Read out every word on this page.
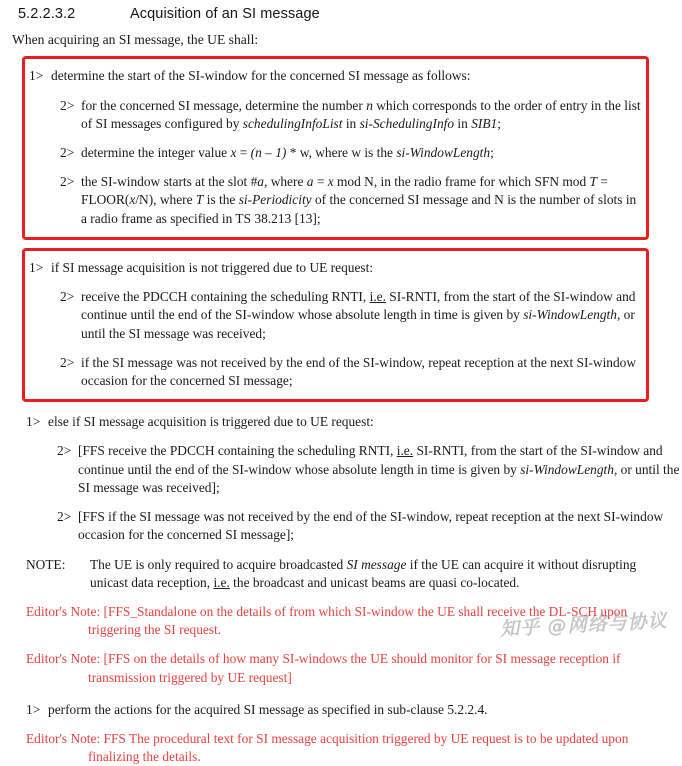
5.2.2.3.2	Acquisition of an SI message
When acquiring an SI message, the UE shall:
1> determine the start of the SI-window for the concerned SI message as follows:
2> for the concerned SI message, determine the number n which corresponds to the order of entry in the list of SI messages configured by schedulingInfoList in si-SchedulingInfo in SIB1;
2> determine the integer value x = (n – 1) * w, where w is the si-WindowLength;
2> the SI-window starts at the slot #a, where a = x mod N, in the radio frame for which SFN mod T = FLOOR(x/N), where T is the si-Periodicity of the concerned SI message and N is the number of slots in a radio frame as specified in TS 38.213 [13];
1> if SI message acquisition is not triggered due to UE request:
2> receive the PDCCH containing the scheduling RNTI, i.e. SI-RNTI, from the start of the SI-window and continue until the end of the SI-window whose absolute length in time is given by si-WindowLength, or until the SI message was received;
2> if the SI message was not received by the end of the SI-window, repeat reception at the next SI-window occasion for the concerned SI message;
1> else if SI message acquisition is triggered due to UE request:
2> [FFS receive the PDCCH containing the scheduling RNTI, i.e. SI-RNTI, from the start of the SI-window and continue until the end of the SI-window whose absolute length in time is given by si-WindowLength, or until the SI message was received];
2> [FFS if the SI message was not received by the end of the SI-window, repeat reception at the next SI-window occasion for the concerned SI message];
NOTE:	The UE is only required to acquire broadcasted SI message if the UE can acquire it without disrupting unicast data reception, i.e. the broadcast and unicast beams are quasi co-located.
Editor's Note: [FFS_Standalone on the details of from which SI-window the UE shall receive the DL-SCH upon
triggering the SI request.
Editor's Note: [FFS on the details of how many SI-windows the UE should monitor for SI message reception if
transmission triggered by UE request]
1> perform the actions for the acquired SI message as specified in sub-clause 5.2.2.4.
Editor's Note: FFS The procedural text for SI message acquisition triggered by UE request is to be updated upon
finalizing the details.
知乎 @网络与协议
